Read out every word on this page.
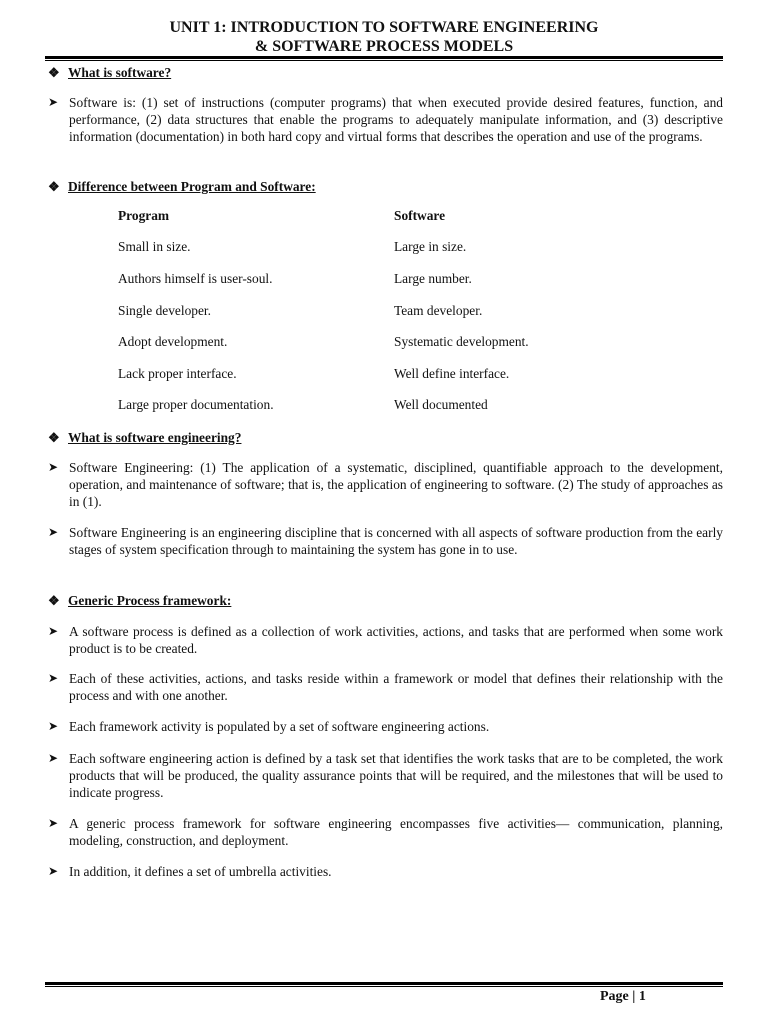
UNIT 1: INTRODUCTION TO SOFTWARE ENGINEERING
& SOFTWARE PROCESS MODELS
❖ What is software?
➤ Software is: (1) set of instructions (computer programs) that when executed provide desired features, function, and performance, (2) data structures that enable the programs to adequately manipulate information, and (3) descriptive information (documentation) in both hard copy and virtual forms that describes the operation and use of the programs.
❖ Difference between Program and Software:
Program	Software
Small in size.	Large in size.
Authors himself is user-soul.	Large number.
Single developer.	Team developer.
Adopt development.	Systematic development.
Lack proper interface.	Well define interface.
Large proper documentation.	Well documented
❖ What is software engineering?
➤ Software Engineering: (1) The application of a systematic, disciplined, quantifiable approach to the development, operation, and maintenance of software; that is, the application of engineering to software. (2) The study of approaches as in (1).
➤ Software Engineering is an engineering discipline that is concerned with all aspects of software production from the early stages of system specification through to maintaining the system has gone in to use.
❖ Generic Process framework:
➤ A software process is defined as a collection of work activities, actions, and tasks that are performed when some work product is to be created.
➤ Each of these activities, actions, and tasks reside within a framework or model that defines their relationship with the process and with one another.
➤ Each framework activity is populated by a set of software engineering actions.
➤ Each software engineering action is defined by a task set that identifies the work tasks that are to be completed, the work products that will be produced, the quality assurance points that will be required, and the milestones that will be used to indicate progress.
➤ A generic process framework for software engineering encompasses five activities— communication, planning, modeling, construction, and deployment.
➤ In addition, it defines a set of umbrella activities.
Page | 1
